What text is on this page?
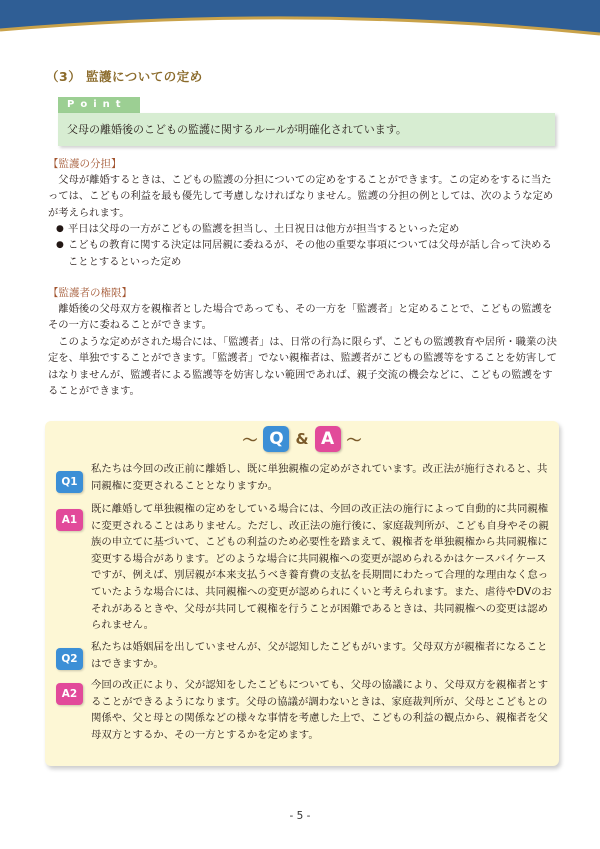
（3） 監護についての定め
Point
父母の離婚後のこどもの監護に関するルールが明確化されています。
【監護の分担】

父母が離婚するときは、こどもの監護の分担についての定めをすることができます。この定めをするに当たっては、こどもの利益を最も優先して考慮しなければなりません。監護の分担の例としては、次のような定めが考えられます。

● 平日は父母の一方がこどもの監護を担当し、土日祝日は他方が担当するといった定め
● こどもの教育に関する決定は同居親に委ねるが、その他の重要な事項については父母が話し合って決めることとするといった定め
【監護者の権限】

離婚後の父母双方を親権者とした場合であっても、その一方を「監護者」と定めることで、こどもの監護をその一方に委ねることができます。

このような定めがされた場合には、「監護者」は、日常の行為に限らず、こどもの監護教育や居所・職業の決定を、単独ですることができます。「監護者」でない親権者は、監護者がこどもの監護等をすることを妨害してはなりませんが、監護者による監護等を妨害しない範囲であれば、親子交流の機会などに、こどもの監護をすることができます。

〜 Q & A 〜
Q1

私たちは今回の改正前に離婚し、既に単独親権の定めがされています。改正法が施行されると、共同親権に変更されることとなりますか。

A1

既に離婚して単独親権の定めをしている場合には、今回の改正法の施行によって自動的に共同親権に変更されることはありません。ただし、改正法の施行後に、家庭裁判所が、こども自身やその親族の申立てに基づいて、こどもの利益のため必要性を踏まえて、親権者を単独親権から共同親権に変更する場合があります。どのような場合に共同親権への変更が認められるかはケースバイケースですが、例えば、別居親が本来支払うべき養育費の支払を長期間にわたって合理的な理由なく怠っていたような場合には、共同親権への変更が認められにくいと考えられます。また、虐待やDVのおそれがあるときや、父母が共同して親権を行うことが困難であるときは、共同親権への変更は認められません。

Q2

私たちは婚姻届を出していませんが、父が認知したこどもがいます。父母双方が親権者になることはできますか。

A2

今回の改正により、父が認知をしたこどもについても、父母の協議により、父母双方を親権者とすることができるようになります。父母の協議が調わないときは、家庭裁判所が、父母とこどもとの関係や、父と母との関係などの様々な事情を考慮した上で、こどもの利益の観点から、親権者を父母双方とするか、その一方とするかを定めます。

- 5 -
